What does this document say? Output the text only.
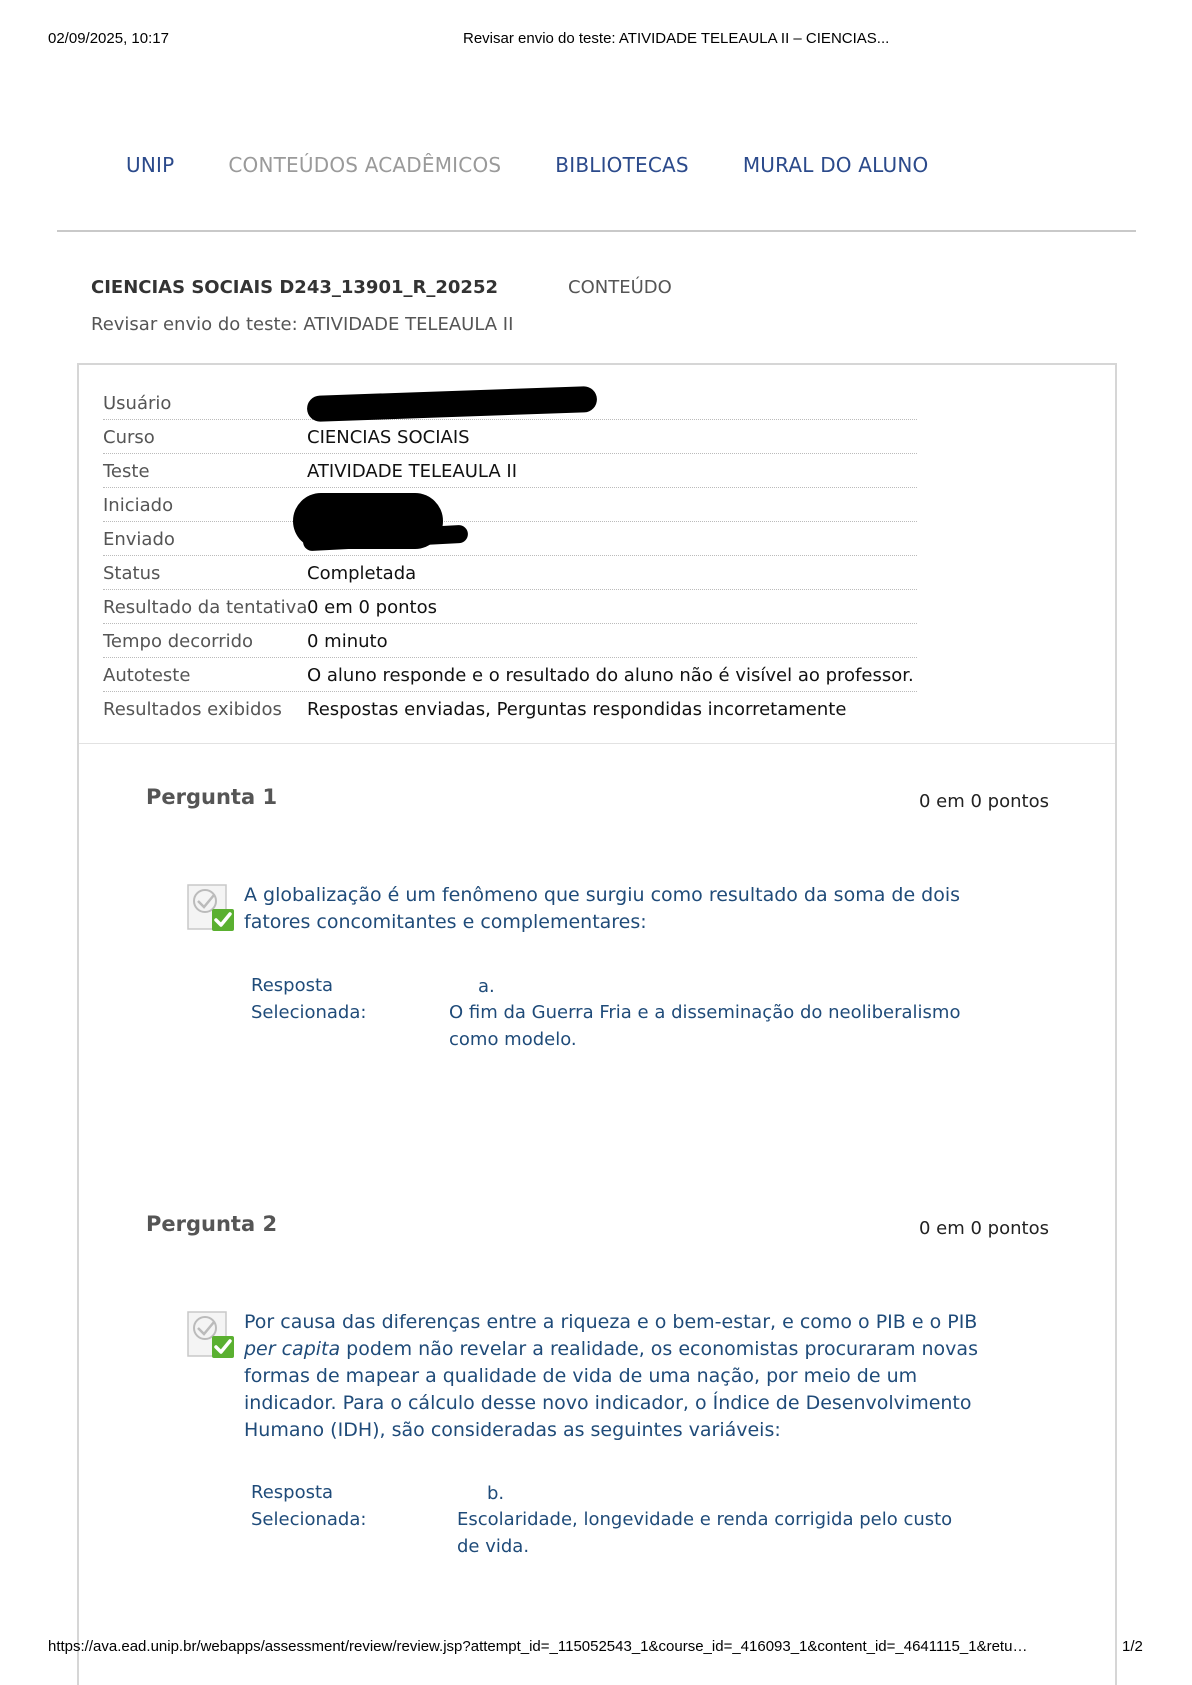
02/09/2025, 10:17	Revisar envio do teste: ATIVIDADE TELEAULA II – CIENCIAS...
UNIP	CONTEÚDOS ACADÊMICOS	BIBLIOTECAS	MURAL DO ALUNO
CIENCIAS SOCIAIS D243_13901_R_20252	CONTEÚDO
Revisar envio do teste: ATIVIDADE TELEAULA II
Usuário
Curso	CIENCIAS SOCIAIS
Teste	ATIVIDADE TELEAULA II
Iniciado
Enviado
Status	Completada
Resultado da tentativa 0 em 0 pontos
Tempo decorrido	0 minuto
Autoteste	O aluno responde e o resultado do aluno não é visível ao professor.
Resultados exibidos Respostas enviadas, Perguntas respondidas incorretamente
Pergunta 1	0 em 0 pontos
A globalização é um fenômeno que surgiu como resultado da soma de dois fatores concomitantes e complementares:
Resposta
Selecionada:
a.
O fim da Guerra Fria e a disseminação do neoliberalismo como modelo.
Pergunta 2	0 em 0 pontos
Por causa das diferenças entre a riqueza e o bem-estar, e como o PIB e o PIB per capita podem não revelar a realidade, os economistas procuraram novas formas de mapear a qualidade de vida de uma nação, por meio de um indicador. Para o cálculo desse novo indicador, o Índice de Desenvolvimento Humano (IDH), são consideradas as seguintes variáveis:
Resposta
Selecionada:
b.
Escolaridade, longevidade e renda corrigida pelo custo de vida.
https://ava.ead.unip.br/webapps/assessment/review/review.jsp?attempt_id=_115052543_1&course_id=_416093_1&content_id=_4641115_1&retu…	1/2
